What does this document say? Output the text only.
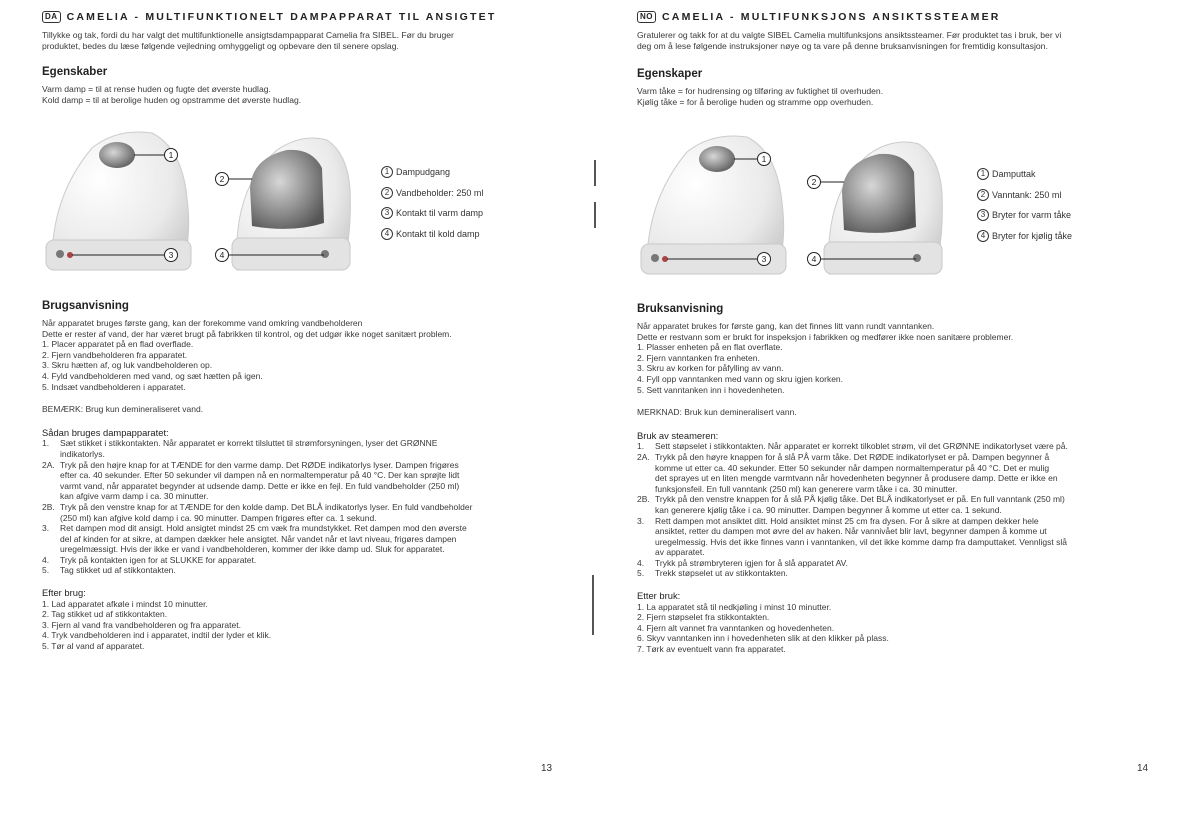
DA CAMELIA - MULTIFUNKTIONELT DAMPAPPARAT TIL ANSIGTET
Tillykke og tak, fordi du har valgt det multifunktionelle ansigtsdampapparat Camelia fra SIBEL. Før du bruger
produktet, bedes du læse følgende vejledning omhyggeligt og opbevare den til senere opslag.
Egenskaber
Varm damp = til at rense huden og fugte det øverste hudlag.
Kold damp = til at berolige huden og opstramme det øverste hudlag.
1
3
2
4
1 Dampudgang
2 Vandbeholder: 250 ml
3 Kontakt til varm damp
4 Kontakt til kold damp
Brugsanvisning
Når apparatet bruges første gang, kan der forekomme vand omkring vandbeholderen
Dette er rester af vand, der har været brugt på fabrikken til kontrol, og det udgør ikke noget sanitært problem.
1. Placer apparatet på en flad overflade.
2. Fjern vandbeholderen fra apparatet.
3. Skru hætten af, og luk vandbeholderen op.
4. Fyld vandbeholderen med vand, og sæt hætten på igen.
5. Indsæt vandbeholderen i apparatet.
BEMÆRK: Brug kun demineraliseret vand.
Sådan bruges dampapparatet:
1.	Sæt stikket i stikkontakten. Når apparatet er korrekt tilsluttet til strømforsyningen, lyser det GRØNNE
indikatorlys.
2A. Tryk på den højre knap for at TÆNDE for den varme damp. Det RØDE indikatorlys lyser. Dampen frigøres
efter ca. 40 sekunder. Efter 50 sekunder vil dampen nå en normaltemperatur på 40 °C. Der kan sprøjte lidt
varmt vand, når apparatet begynder at udsende damp. Dette er ikke en fejl. En fuld vandbeholder (250 ml)
kan afgive varm damp i ca. 30 minutter.
2B. Tryk på den venstre knap for at TÆNDE for den kolde damp. Det BLÅ indikatorlys lyser. En fuld vandbeholder
(250 ml) kan afgive kold damp i ca. 90 minutter. Dampen frigøres efter ca. 1 sekund.
3.	Ret dampen mod dit ansigt. Hold ansigtet mindst 25 cm væk fra mundstykket. Ret dampen mod den øverste
del af kinden for at sikre, at dampen dækker hele ansigtet. Når vandet når et lavt niveau, frigøres dampen
uregelmæssigt. Hvis der ikke er vand i vandbeholderen, kommer der ikke damp ud. Sluk for apparatet.
4.	Tryk på kontakten igen for at SLUKKE for apparatet.
5.	Tag stikket ud af stikkontakten.
Efter brug:
1. Lad apparatet afkøle i mindst 10 minutter.
2. Tag stikket ud af stikkontakten.
3. Fjern al vand fra vandbeholderen og fra apparatet.
4. Tryk vandbeholderen ind i apparatet, indtil der lyder et klik.
5. Tør al vand af apparatet.
13
NO CAMELIA - MULTIFUNKSJONS ANSIKTSSTEAMER
Gratulerer og takk for at du valgte SIBEL Camelia multifunksjons ansiktssteamer. Før produktet tas i bruk, ber vi
deg om å lese følgende instruksjoner nøye og ta vare på denne bruksanvisningen for fremtidig konsultasjon.
Egenskaper
Varm tåke = for hudrensing og tilføring av fuktighet til overhuden.
Kjølig tåke = for å berolige huden og stramme opp overhuden.
1
3
2
4
1 Damputtak
2 Vanntank: 250 ml
3 Bryter for varm tåke
4 Bryter for kjølig tåke
Bruksanvisning
Når apparatet brukes for første gang, kan det finnes litt vann rundt vanntanken.
Dette er restvann som er brukt for inspeksjon i fabrikken og medfører ikke noen sanitære problemer.
1. Plasser enheten på en flat overflate.
2. Fjern vanntanken fra enheten.
3. Skru av korken for påfylling av vann.
4. Fyll opp vanntanken med vann og skru igjen korken.
5. Sett vanntanken inn i hovedenheten.
MERKNAD: Bruk kun demineralisert vann.
Bruk av steameren:
1.	Sett støpselet i stikkontakten. Når apparatet er korrekt tilkoblet strøm, vil det GRØNNE indikatorlyset være på.
2A. Trykk på den høyre knappen for å slå PÅ varm tåke. Det RØDE indikatorlyset er på. Dampen begynner å
komme ut etter ca. 40 sekunder. Etter 50 sekunder når dampen normaltemperatur på 40 °C. Det er mulig
det sprayes ut en liten mengde varmtvann når hovedenheten begynner å produsere damp. Dette er ikke en
funksjonsfeil. En full vanntank (250 ml) kan generere varm tåke i ca. 30 minutter.
2B. Trykk på den venstre knappen for å slå PÅ kjølig tåke. Det BLÅ indikatorlyset er på. En full vanntank (250 ml)
kan generere kjølig tåke i ca. 90 minutter. Dampen begynner å komme ut etter ca. 1 sekund.
3.	Rett dampen mot ansiktet ditt. Hold ansiktet minst 25 cm fra dysen. For å sikre at dampen dekker hele
ansiktet, retter du dampen mot øvre del av haken. Når vannivået blir lavt, begynner dampen å komme ut
uregelmessig. Hvis det ikke finnes vann i vanntanken, vil det ikke komme damp fra damputtaket. Vennligst slå
av apparatet.
4.	Trykk på strømbryteren igjen for å slå apparatet AV.
5.	Trekk støpselet ut av stikkontakten.
Etter bruk:
1. La apparatet stå til nedkjøling i minst 10 minutter.
2. Fjern støpselet fra stikkontakten.
4. Fjern alt vannet fra vanntanken og hovedenheten.
6. Skyv vanntanken inn i hovedenheten slik at den klikker på plass.
7. Tørk av eventuelt vann fra apparatet.
14
